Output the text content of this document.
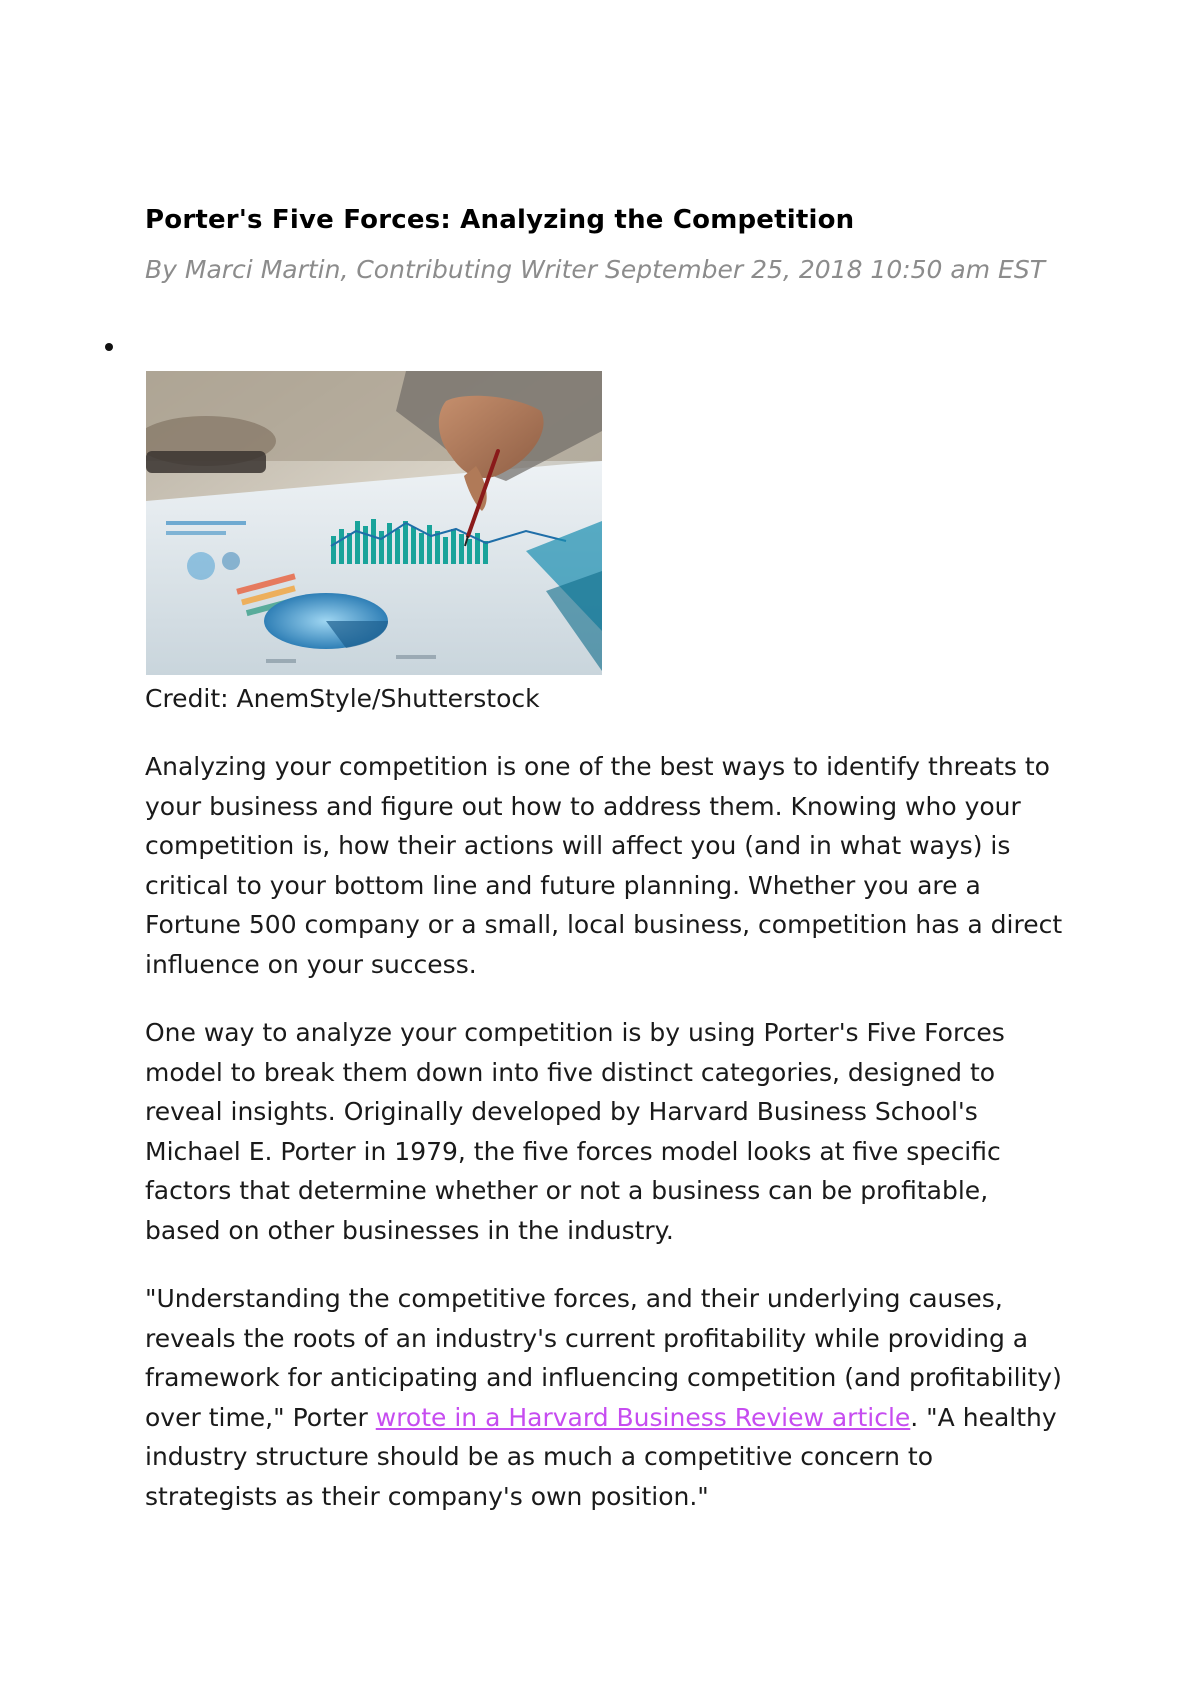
Porter's Five Forces: Analyzing the Competition
By Marci Martin, Contributing Writer September 25, 2018 10:50 am EST
Credit: AnemStyle/Shutterstock

Analyzing your competition is one of the best ways to identify threats to your business and figure out how to address them. Knowing who your competition is, how their actions will affect you (and in what ways) is critical to your bottom line and future planning. Whether you are a Fortune 500 company or a small, local business, competition has a direct influence on your success.

One way to analyze your competition is by using Porter's Five Forces model to break them down into five distinct categories, designed to reveal insights. Originally developed by Harvard Business School's Michael E. Porter in 1979, the five forces model looks at five specific factors that determine whether or not a business can be profitable, based on other businesses in the industry.

"Understanding the competitive forces, and their underlying causes, reveals the roots of an industry's current profitability while providing a framework for anticipating and influencing competition (and profitability) over time," Porter wrote in a Harvard Business Review article. "A healthy industry structure should be as much a competitive concern to strategists as their company's own position."
